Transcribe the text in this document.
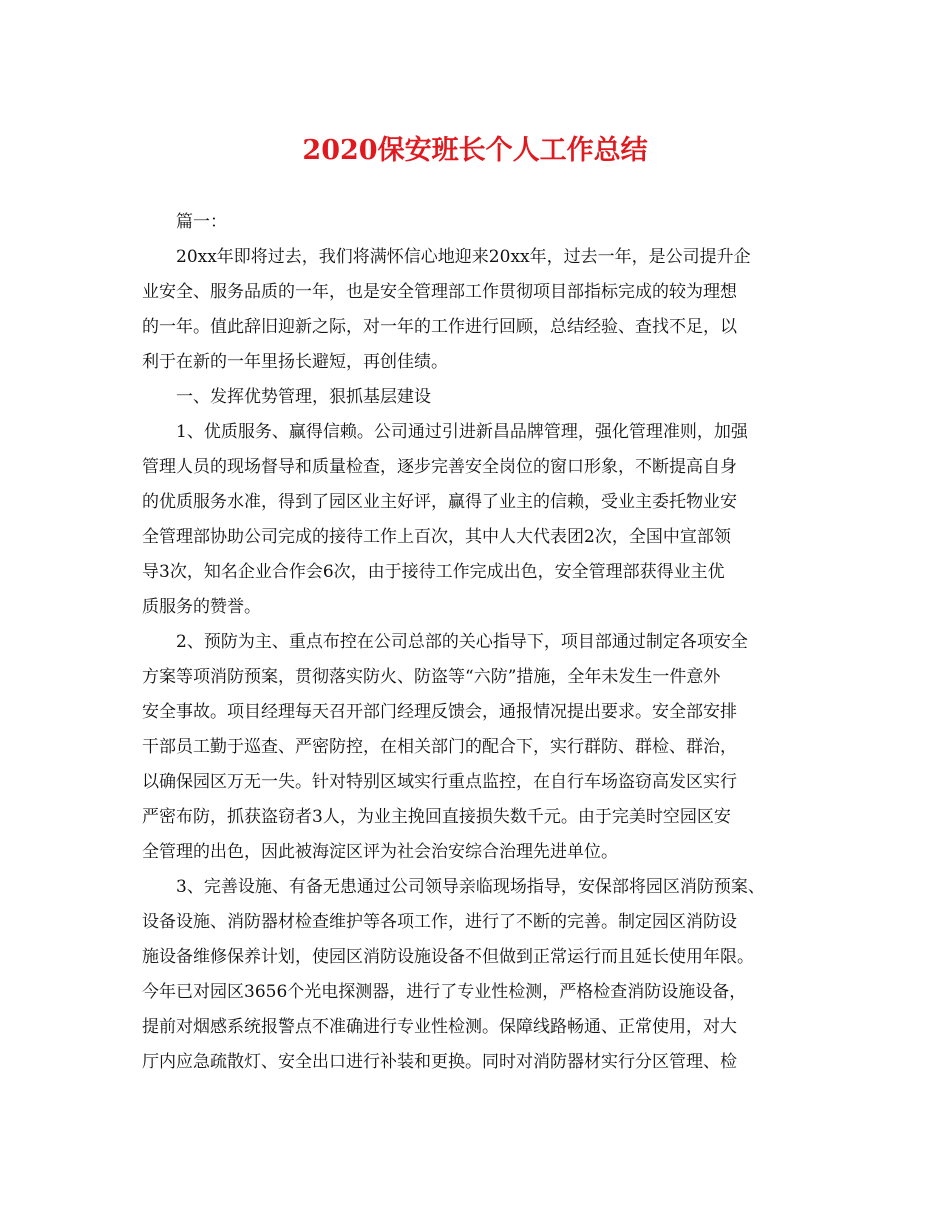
2020保安班长个人工作总结
篇一：
20xx年即将过去，我们将满怀信心地迎来20xx年，过去一年，是公司提升企
业安全、服务品质的一年，也是安全管理部工作贯彻项目部指标完成的较为理想
的一年。值此辞旧迎新之际，对一年的工作进行回顾，总结经验、查找不足，以
利于在新的一年里扬长避短，再创佳绩。
一、发挥优势管理，狠抓基层建设
1、优质服务、赢得信赖。公司通过引进新昌品牌管理，强化管理准则，加强
管理人员的现场督导和质量检查，逐步完善安全岗位的窗口形象，不断提高自身
的优质服务水准，得到了园区业主好评，赢得了业主的信赖，受业主委托物业安
全管理部协助公司完成的接待工作上百次，其中人大代表团2次，全国中宣部领
导3次，知名企业合作会6次，由于接待工作完成出色，安全管理部获得业主优
质服务的赞誉。
2、预防为主、重点布控在公司总部的关心指导下，项目部通过制定各项安全
方案等项消防预案，贯彻落实防火、防盗等“六防”措施，全年未发生一件意外
安全事故。项目经理每天召开部门经理反馈会，通报情况提出要求。安全部安排
干部员工勤于巡查、严密防控，在相关部门的配合下，实行群防、群检、群治，
以确保园区万无一失。针对特别区域实行重点监控，在自行车场盗窃高发区实行
严密布防，抓获盗窃者3人，为业主挽回直接损失数千元。由于完美时空园区安
全管理的出色，因此被海淀区评为社会治安综合治理先进单位。
3、完善设施、有备无患通过公司领导亲临现场指导，安保部将园区消防预案、
设备设施、消防器材检查维护等各项工作，进行了不断的完善。制定园区消防设
施设备维修保养计划，使园区消防设施设备不但做到正常运行而且延长使用年限。
今年已对园区3656个光电探测器，进行了专业性检测，严格检查消防设施设备，
提前对烟感系统报警点不准确进行专业性检测。保障线路畅通、正常使用，对大
厅内应急疏散灯、安全出口进行补装和更换。同时对消防器材实行分区管理、检
